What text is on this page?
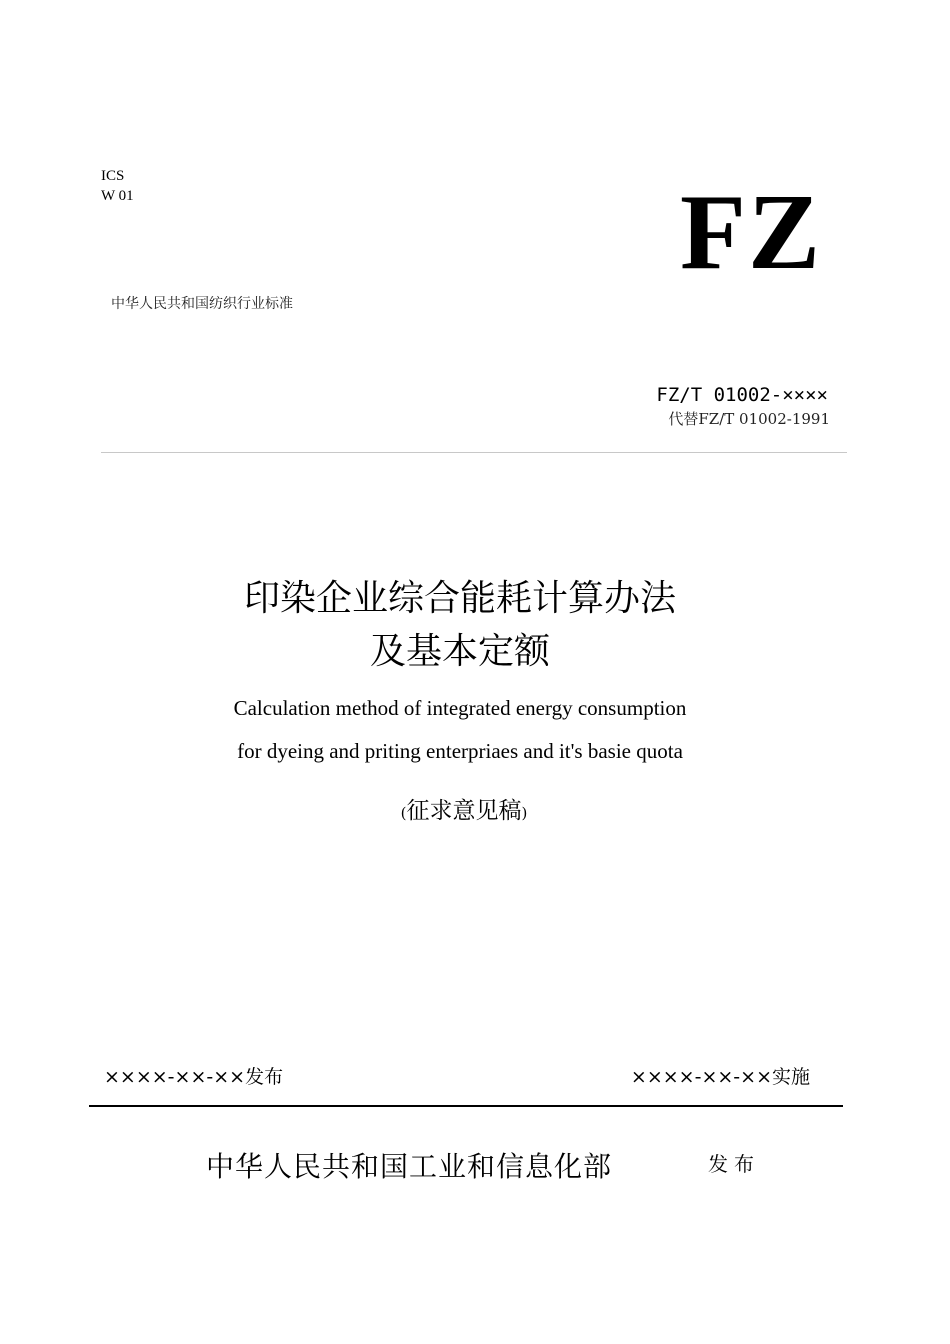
ICS
W 01	FZ
中华人民共和国纺织行业标准
FZ/T 01002-××××
代替FZ/T 01002-1991
印染企业综合能耗计算办法
及基本定额
Calculation method of integrated energy consumption
for dyeing and priting enterpriaes and it's basie quota
(征求意见稿)
××××-××-××发布	××××-××-××实施
中华人民共和国工业和信息化部	发布
